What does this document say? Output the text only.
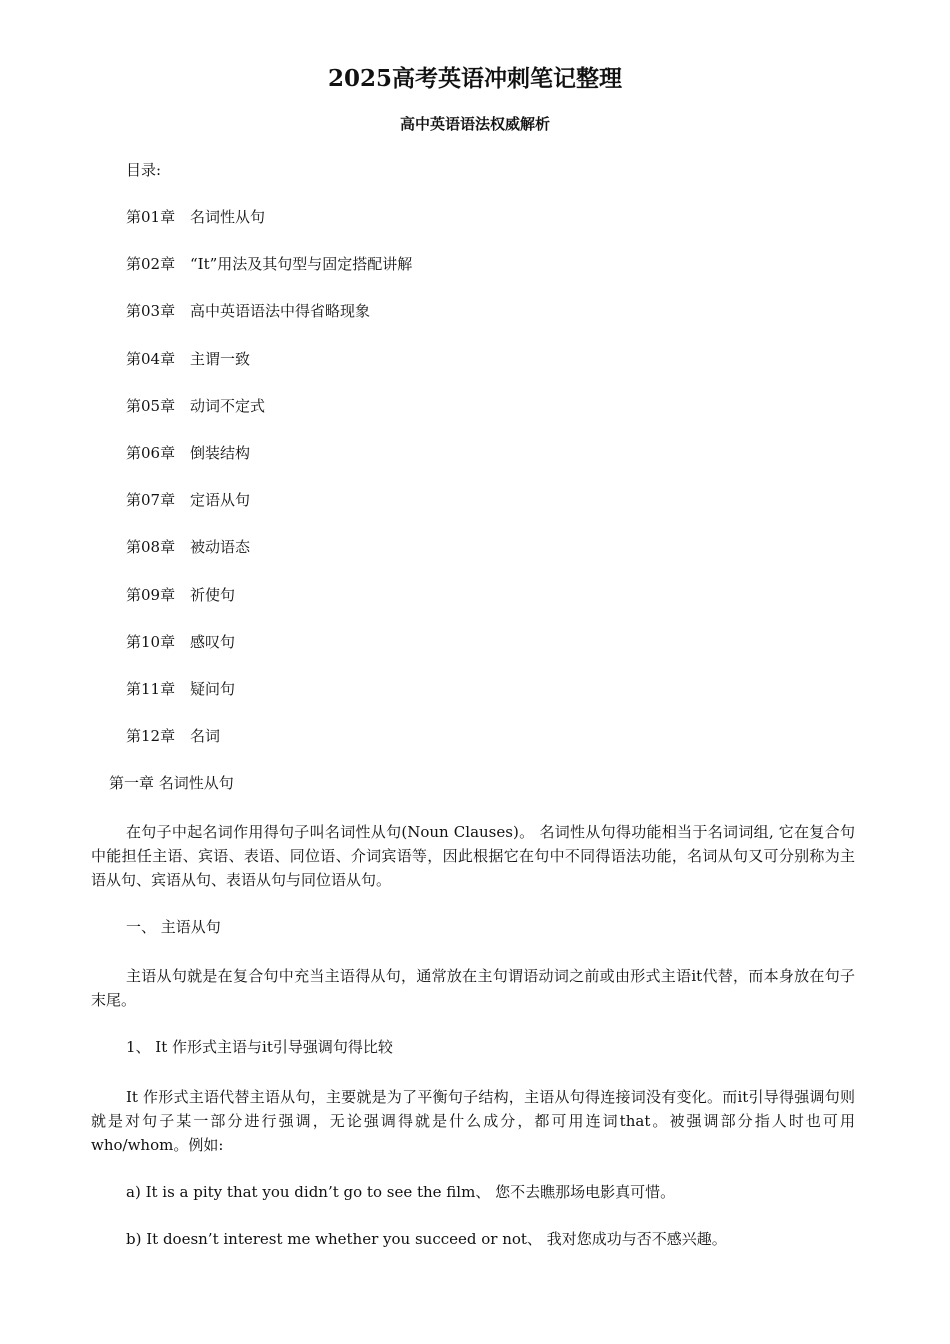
2025高考英语冲刺笔记整理
高中英语语法权威解析
目录:
第01章 名词性从句
第02章 “It”用法及其句型与固定搭配讲解
第03章 高中英语语法中得省略现象
第04章 主谓一致
第05章 动词不定式
第06章 倒装结构
第07章 定语从句
第08章 被动语态
第09章 祈使句
第10章 感叹句
第11章 疑问句
第12章 名词
第一章 名词性从句
在句子中起名词作用得句子叫名词性从句(Noun Clauses)。 名词性从句得功能相当于名词词组, 它在复合句中能担任主语、宾语、表语、同位语、介词宾语等，因此根据它在句中不同得语法功能，名词从句又可分别称为主语从句、宾语从句、表语从句与同位语从句。
一、 主语从句
主语从句就是在复合句中充当主语得从句，通常放在主句谓语动词之前或由形式主语it代替，而本身放在句子末尾。
1、 It 作形式主语与it引导强调句得比较
It 作形式主语代替主语从句，主要就是为了平衡句子结构，主语从句得连接词没有变化。而it引导得强调句则就是对句子某一部分进行强调，无论强调得就是什么成分，都可用连词that。被强调部分指人时也可用who/whom。例如:
a) It is a pity that you didn’t go to see the film、 您不去瞧那场电影真可惜。
b) It doesn’t interest me whether you succeed or not、 我对您成功与否不感兴趣。
